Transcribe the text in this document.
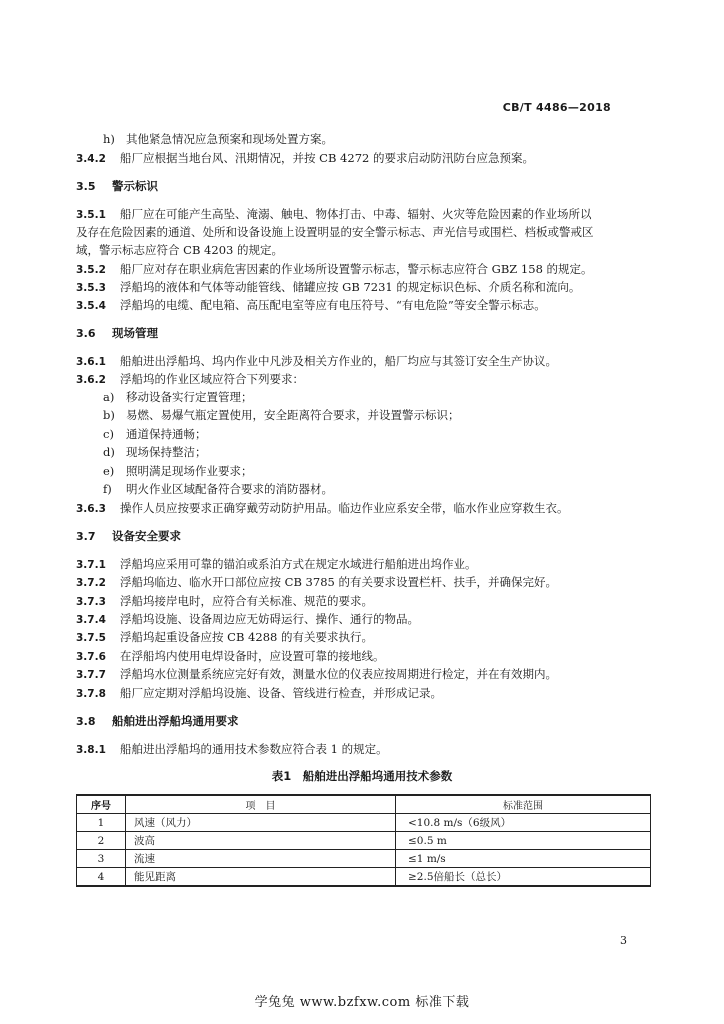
CB/T 4486—2018
h) 其他紧急情况应急预案和现场处置方案。
3.4.2 船厂应根据当地台风、汛期情况，并按 CB 4272 的要求启动防汛防台应急预案。
3.5 警示标识
3.5.1 船厂应在可能产生高坠、淹溺、触电、物体打击、中毒、辐射、火灾等危险因素的作业场所以
及存在危险因素的通道、处所和设备设施上设置明显的安全警示标志、声光信号或围栏、档板或警戒区
域，警示标志应符合 CB 4203 的规定。
3.5.2 船厂应对存在职业病危害因素的作业场所设置警示标志，警示标志应符合 GBZ 158 的规定。
3.5.3 浮船坞的液体和气体等动能管线、储罐应按 GB 7231 的规定标识色标、介质名称和流向。
3.5.4 浮船坞的电缆、配电箱、高压配电室等应有电压符号、“有电危险”等安全警示标志。
3.6 现场管理
3.6.1 船舶进出浮船坞、坞内作业中凡涉及相关方作业的，船厂均应与其签订安全生产协议。
3.6.2 浮船坞的作业区域应符合下列要求：
a) 移动设备实行定置管理；
b) 易燃、易爆气瓶定置使用，安全距离符合要求，并设置警示标识；
c) 通道保持通畅；
d) 现场保持整洁；
e) 照明满足现场作业要求；
f) 明火作业区域配备符合要求的消防器材。
3.6.3 操作人员应按要求正确穿戴劳动防护用品。临边作业应系安全带，临水作业应穿救生衣。
3.7 设备安全要求
3.7.1 浮船坞应采用可靠的锚泊或系泊方式在规定水域进行船舶进出坞作业。
3.7.2 浮船坞临边、临水开口部位应按 CB 3785 的有关要求设置栏杆、扶手，并确保完好。
3.7.3 浮船坞接岸电时，应符合有关标准、规范的要求。
3.7.4 浮船坞设施、设备周边应无妨碍运行、操作、通行的物品。
3.7.5 浮船坞起重设备应按 CB 4288 的有关要求执行。
3.7.6 在浮船坞内使用电焊设备时，应设置可靠的接地线。
3.7.7 浮船坞水位测量系统应完好有效，测量水位的仪表应按周期进行检定，并在有效期内。
3.7.8 船厂应定期对浮船坞设施、设备、管线进行检查，并形成记录。
3.8 船舶进出浮船坞通用要求
3.8.1 船舶进出浮船坞的通用技术参数应符合表 1 的规定。
表1　船舶进出浮船坞通用技术参数
序号	项　目	标准范围
1	风速（风力）	<10.8 m/s（6级风）
2	波高	≤0.5 m
3	流速	≤1 m/s
4	能见距离	≥2.5倍船长（总长）
3
学兔兔 www.bzfxw.com 标准下载
